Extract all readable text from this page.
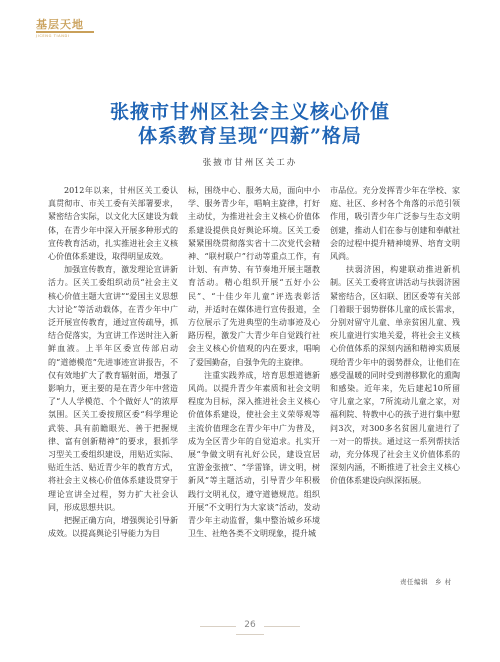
基层天地
JICENG TIANDI
张掖市甘州区社会主义核心价值
体系教育呈现“四新”格局
张掖市甘州区关工办

2012年以来，甘州区关工委认真贯彻市、市关工委有关部署要求，紧密结合实际，以文化大区建设为载体，在青少年中深入开展多种形式的宣传教育活动，扎实推进社会主义核心价值体系建设，取得明显成效。

加强宣传教育，激发理论宣讲新活力。区关工委组织动员“社会主义核心价值主题大宣讲”“爱国主义思想大讨论”等活动载体，在青少年中广泛开展宣传教育，通过宣传疏导，抓结合促落实，为宣讲工作送时注入新鲜血液。上半年区委宣传部启动的“道德模范”先进事迹宣讲报告，不仅有效地扩大了教育辐射面，增强了影响力，更主要的是在青少年中营造了“人人学模范、个个做好人”的浓厚氛围。区关工委按照区委“科学理论武装、具有前瞻眼光、善于把握规律、富有创新精神”的要求，狠抓学习型关工委组织建设，用贴近实际、贴近生活、贴近青少年的教育方式，将社会主义核心价值体系建设贯穿于理论宣讲全过程，努力扩大社会认同，形成思想共识。

把握正确方向，增强舆论引导新成效。以提高舆论引导能力为目

标，围绕中心、服务大局，面向中小学、服务青少年，唱响主旋律，打好主动仗，为推进社会主义核心价值体系建设提供良好舆论环境。区关工委紧紧围绕贯彻落实省十二次党代会精神、“联村联户”行动等重点工作，有计划、有声势、有节奏地开展主题教育活动。精心组织开展“五好小公民”、“十佳少年儿童”评选表彰活动，并适时在媒体进行宣传报道，全方位展示了先进典型的生动事迹及心路历程，激发广大青少年自觉践行社会主义核心价值观的内在要求，唱响了爱国勤奋，自强争先的主旋律。

注重实践养成，培育思想道德新风尚。以提升青少年素质和社会文明程度为目标，深入推进社会主义核心价值体系建设，使社会主义荣辱观等主流价值理念在青少年中广为普及，成为全区青少年的自觉追求。扎实开展“争做文明有礼好公民，建设宜居宜游金张掖”、“学雷锋，讲文明，树新风”等主题活动，引导青少年积极践行文明礼仪，遵守道德规范。组织开展“不文明行为大家谈”活动，发动青少年主动监督，集中整治城乡环境卫生、社绝各类不文明现象，提升城

市品位。充分发挥青少年在学校、家庭、社区、乡村各个角落的示范引领作用，吸引青少年广泛参与生态文明创建，推动人们在参与创建和奉献社会的过程中提升精神境界、培育文明风尚。

扶弱济困，构建联动推进新机制。区关工委将宣讲活动与扶弱济困紧密结合，区妇联、团区委等有关部门着眼于弱势群体儿童的成长需求，分别对留守儿童、单亲贫困儿童、残疾儿童进行实地关爱，将社会主义核心价值体系的深刻内涵和精神实质展现给青少年中的弱势群众，让他们在感受温暖的同时受到潜移默化的熏陶和感染。近年来，先后建起10所留守儿童之家，7所流动儿童之家，对福利院、特教中心的孩子进行集中慰问3次，对300多名贫困儿童进行了一对一的帮扶。通过这一系列帮扶活动，充分体现了社会主义价值体系的深刻内涵，不断推进了社会主义核心价值体系建设向纵深拓展。

责任编辑　乡 村
26
